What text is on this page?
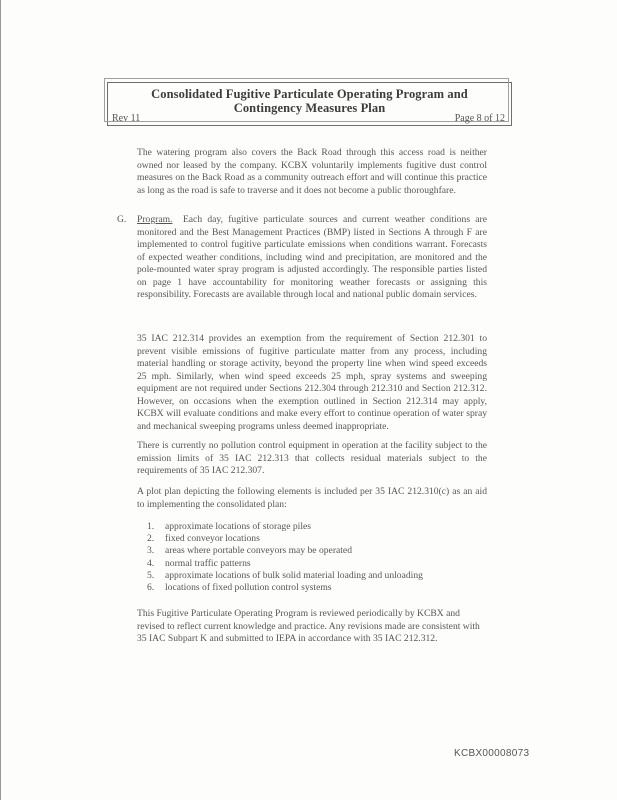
Consolidated Fugitive Particulate Operating Program and
Contingency Measures Plan
Rev 11	Page 8 of 12
The watering program also covers the Back Road through this access road is neither owned nor leased by the company. KCBX voluntarily implements fugitive dust control measures on the Back Road as a community outreach effort and will continue this practice as long as the road is safe to traverse and it does not become a public thoroughfare.
G. Program. Each day, fugitive particulate sources and current weather conditions are monitored and the Best Management Practices (BMP) listed in Sections A through F are implemented to control fugitive particulate emissions when conditions warrant. Forecasts of expected weather conditions, including wind and precipitation, are monitored and the pole-mounted water spray program is adjusted accordingly. The responsible parties listed on page 1 have accountability for monitoring weather forecasts or assigning this responsibility. Forecasts are available through local and national public domain services.
35 IAC 212.314 provides an exemption from the requirement of Section 212.301 to prevent visible emissions of fugitive particulate matter from any process, including material handling or storage activity, beyond the property line when wind speed exceeds 25 mph. Similarly, when wind speed exceeds 25 mph, spray systems and sweeping equipment are not required under Sections 212.304 through 212.310 and Section 212.312. However, on occasions when the exemption outlined in Section 212.314 may apply, KCBX will evaluate conditions and make every effort to continue operation of water spray and mechanical sweeping programs unless deemed inappropriate.
There is currently no pollution control equipment in operation at the facility subject to the emission limits of 35 IAC 212.313 that collects residual materials subject to the requirements of 35 IAC 212.307.
A plot plan depicting the following elements is included per 35 IAC 212.310(c) as an aid to implementing the consolidated plan:
1.	approximate locations of storage piles
2.	fixed conveyor locations
3.	areas where portable conveyors may be operated
4.	normal traffic patterns
5.	approximate locations of bulk solid material loading and unloading
6.	locations of fixed pollution control systems
This Fugitive Particulate Operating Program is reviewed periodically by KCBX and revised to reflect current knowledge and practice. Any revisions made are consistent with 35 IAC Subpart K and submitted to IEPA in accordance with 35 IAC 212.312.
KCBX00008073
